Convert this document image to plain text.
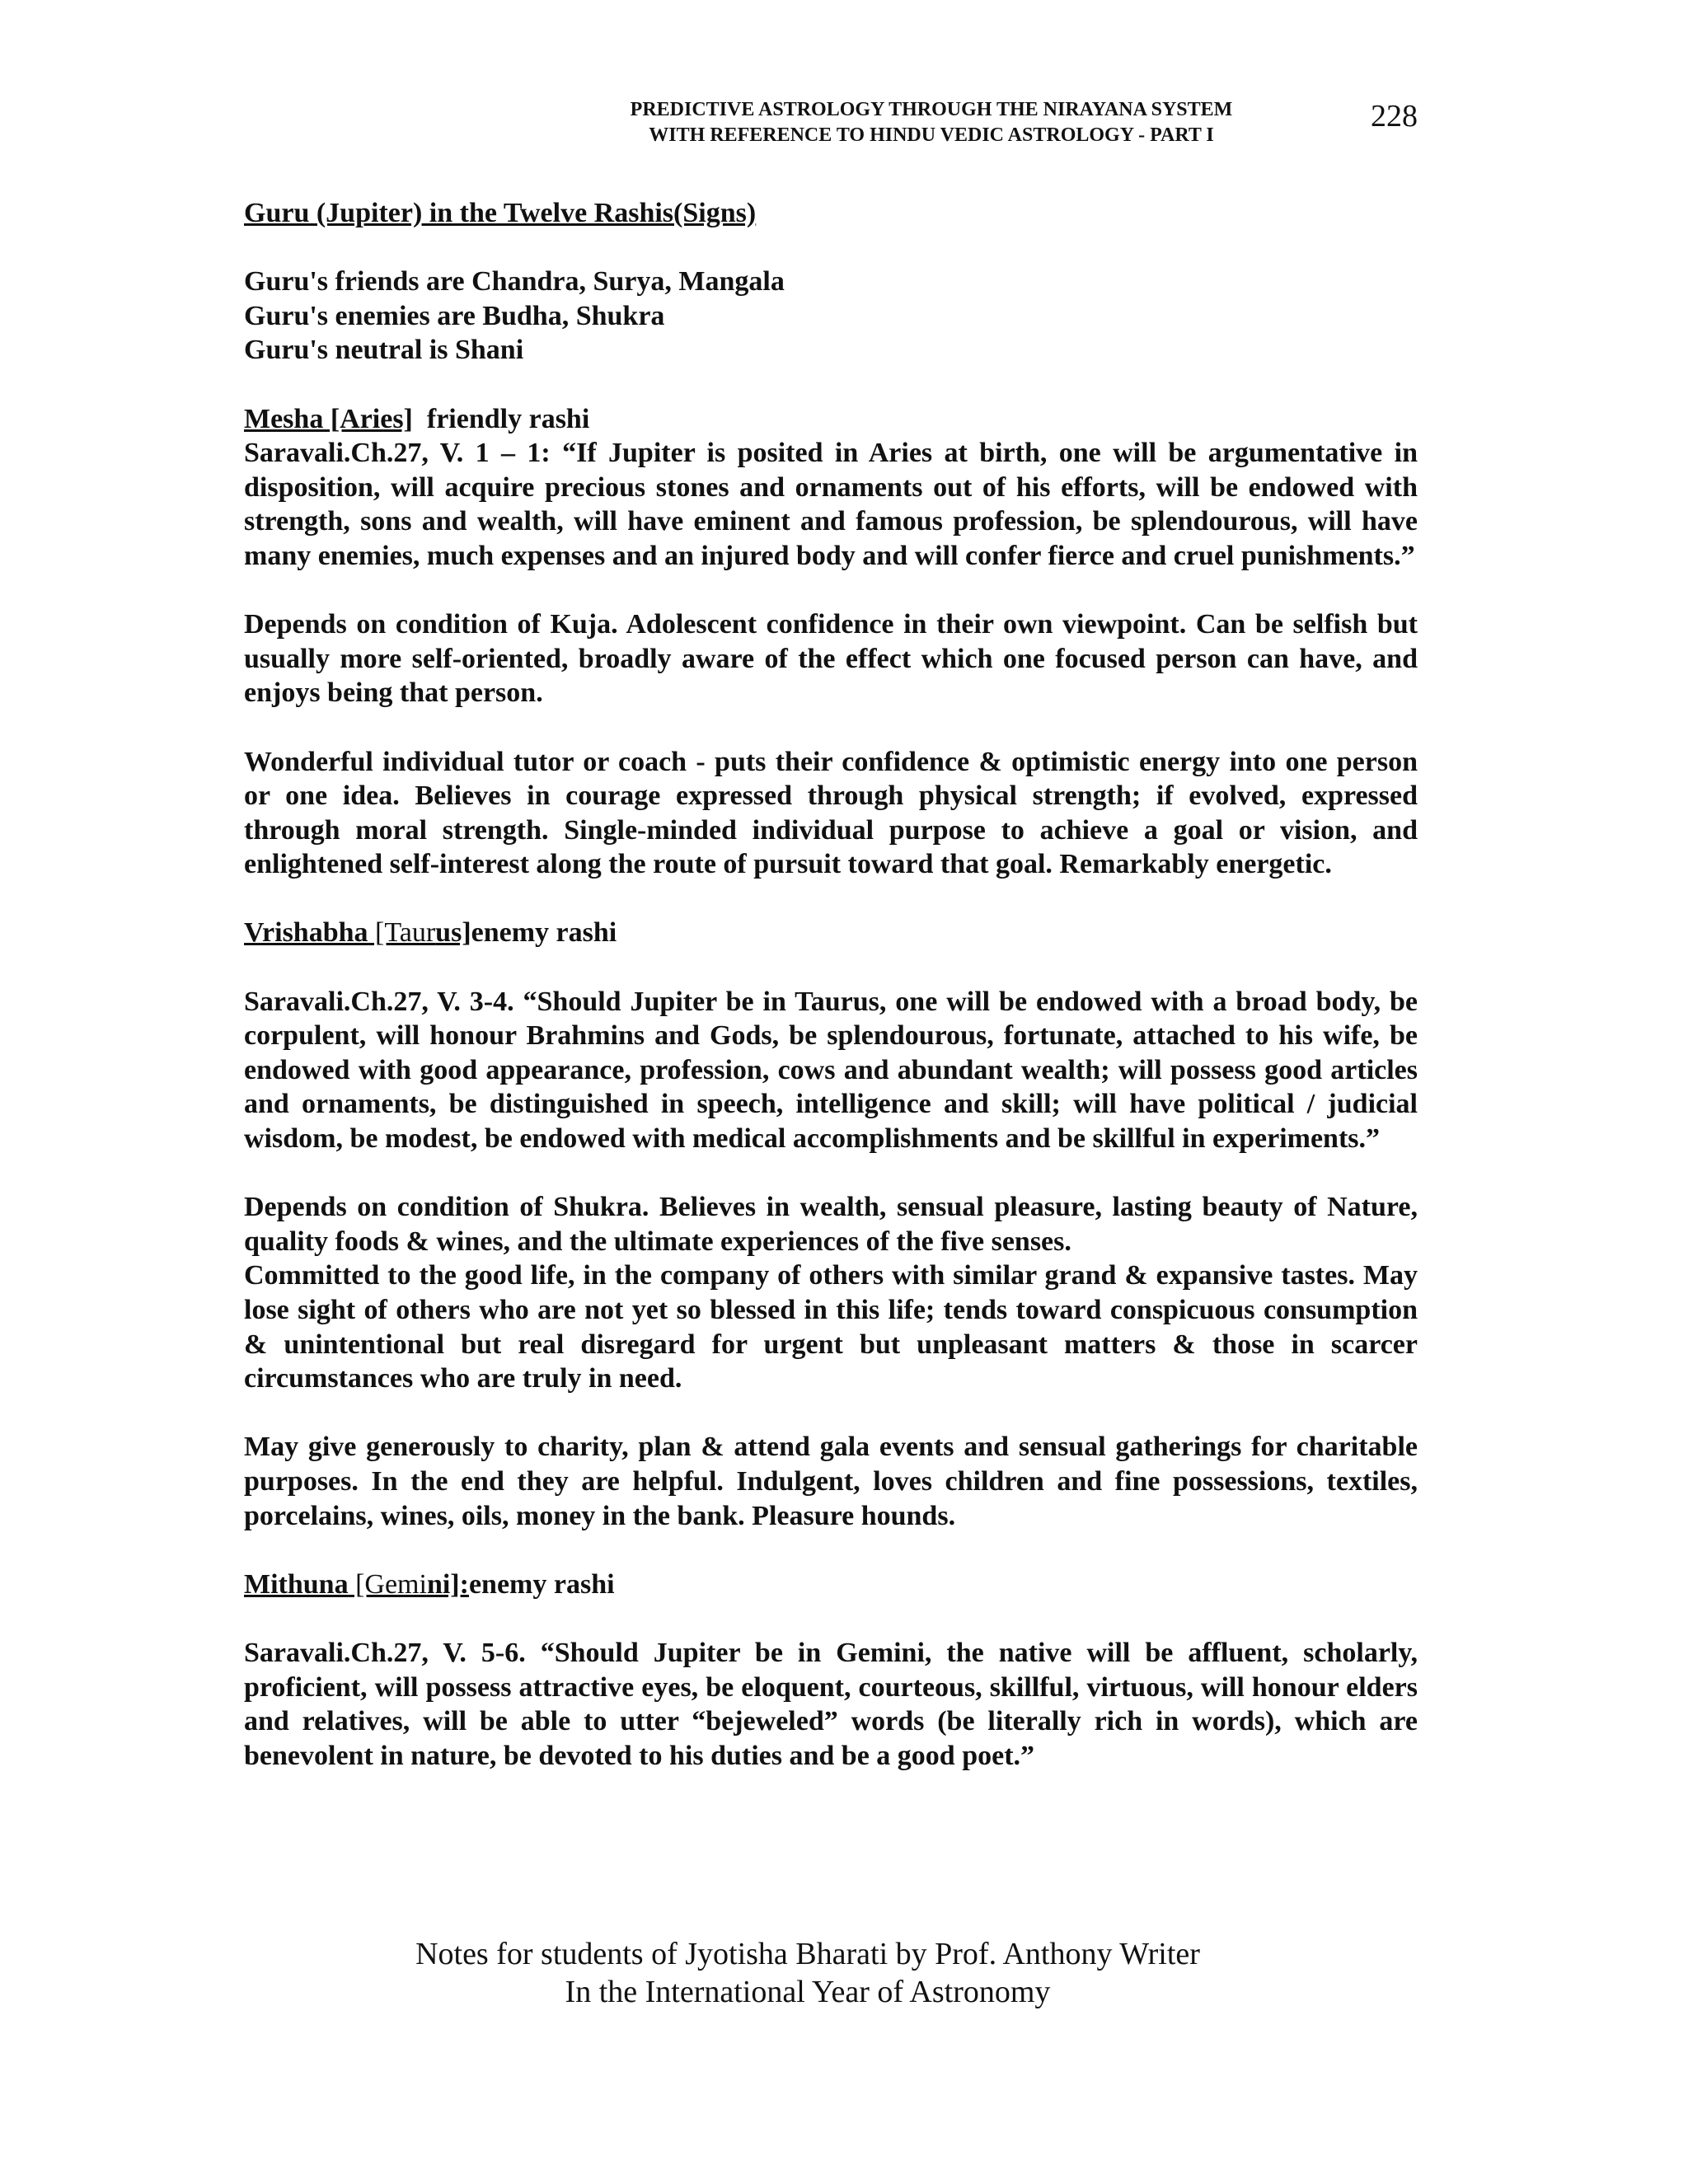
PREDICTIVE ASTROLOGY THROUGH THE NIRAYANA SYSTEM
WITH REFERENCE TO HINDU VEDIC ASTROLOGY - PART I
228

Guru (Jupiter) in the Twelve Rashis(Signs)

Guru's friends are Chandra, Surya, Mangala

Guru's enemies are Budha, Shukra

Guru's neutral is Shani

Mesha [Aries]  friendly rashi

Saravali.Ch.27, V. 1 – 1: “If Jupiter is posited in Aries at birth, one will be argumentative in disposition, will acquire precious stones and ornaments out of his efforts, will be endowed with strength, sons and wealth, will have eminent and famous profession, be splendourous, will have many enemies, much expenses and an injured body and will confer fierce and cruel punishments.”

Depends on condition of Kuja. Adolescent confidence in their own viewpoint. Can be selfish but usually more self-oriented, broadly aware of the effect which one focused person can have, and enjoys being that person.

Wonderful individual tutor or coach - puts their confidence & optimistic energy into one person or one idea. Believes in courage expressed through physical strength; if evolved, expressed through moral strength. Single-minded individual purpose to achieve a goal or vision, and enlightened self-interest along the route of pursuit toward that goal. Remarkably energetic.

Vrishabha [Taurus]enemy rashi

Saravali.Ch.27, V. 3-4. “Should Jupiter be in Taurus, one will be endowed with a broad body, be corpulent, will honour Brahmins and Gods, be splendourous, fortunate, attached to his wife, be endowed with good appearance, profession, cows and abundant wealth; will possess good articles and ornaments, be distinguished in speech, intelligence and skill; will have political / judicial wisdom, be modest, be endowed with medical accomplishments and be skillful in experiments.”

Depends on condition of Shukra. Believes in wealth, sensual pleasure, lasting beauty of Nature, quality foods & wines, and the ultimate experiences of the five senses.

Committed to the good life, in the company of others with similar grand & expansive tastes. May lose sight of others who are not yet so blessed in this life; tends toward conspicuous consumption & unintentional but real disregard for urgent but unpleasant matters & those in scarcer circumstances who are truly in need.

May give generously to charity, plan & attend gala events and sensual gatherings for charitable purposes. In the end they are helpful. Indulgent, loves children and fine possessions, textiles, porcelains, wines, oils, money in the bank. Pleasure hounds.

Mithuna [Gemini]:enemy rashi

Saravali.Ch.27, V. 5-6. “Should Jupiter be in Gemini, the native will be affluent, scholarly, proficient, will possess attractive eyes, be eloquent, courteous, skillful, virtuous, will honour elders and relatives, will be able to utter “bejeweled” words (be literally rich in words), which are benevolent in nature, be devoted to his duties and be a good poet.”

Notes for students of Jyotisha Bharati by Prof. Anthony Writer
In the International Year of Astronomy
